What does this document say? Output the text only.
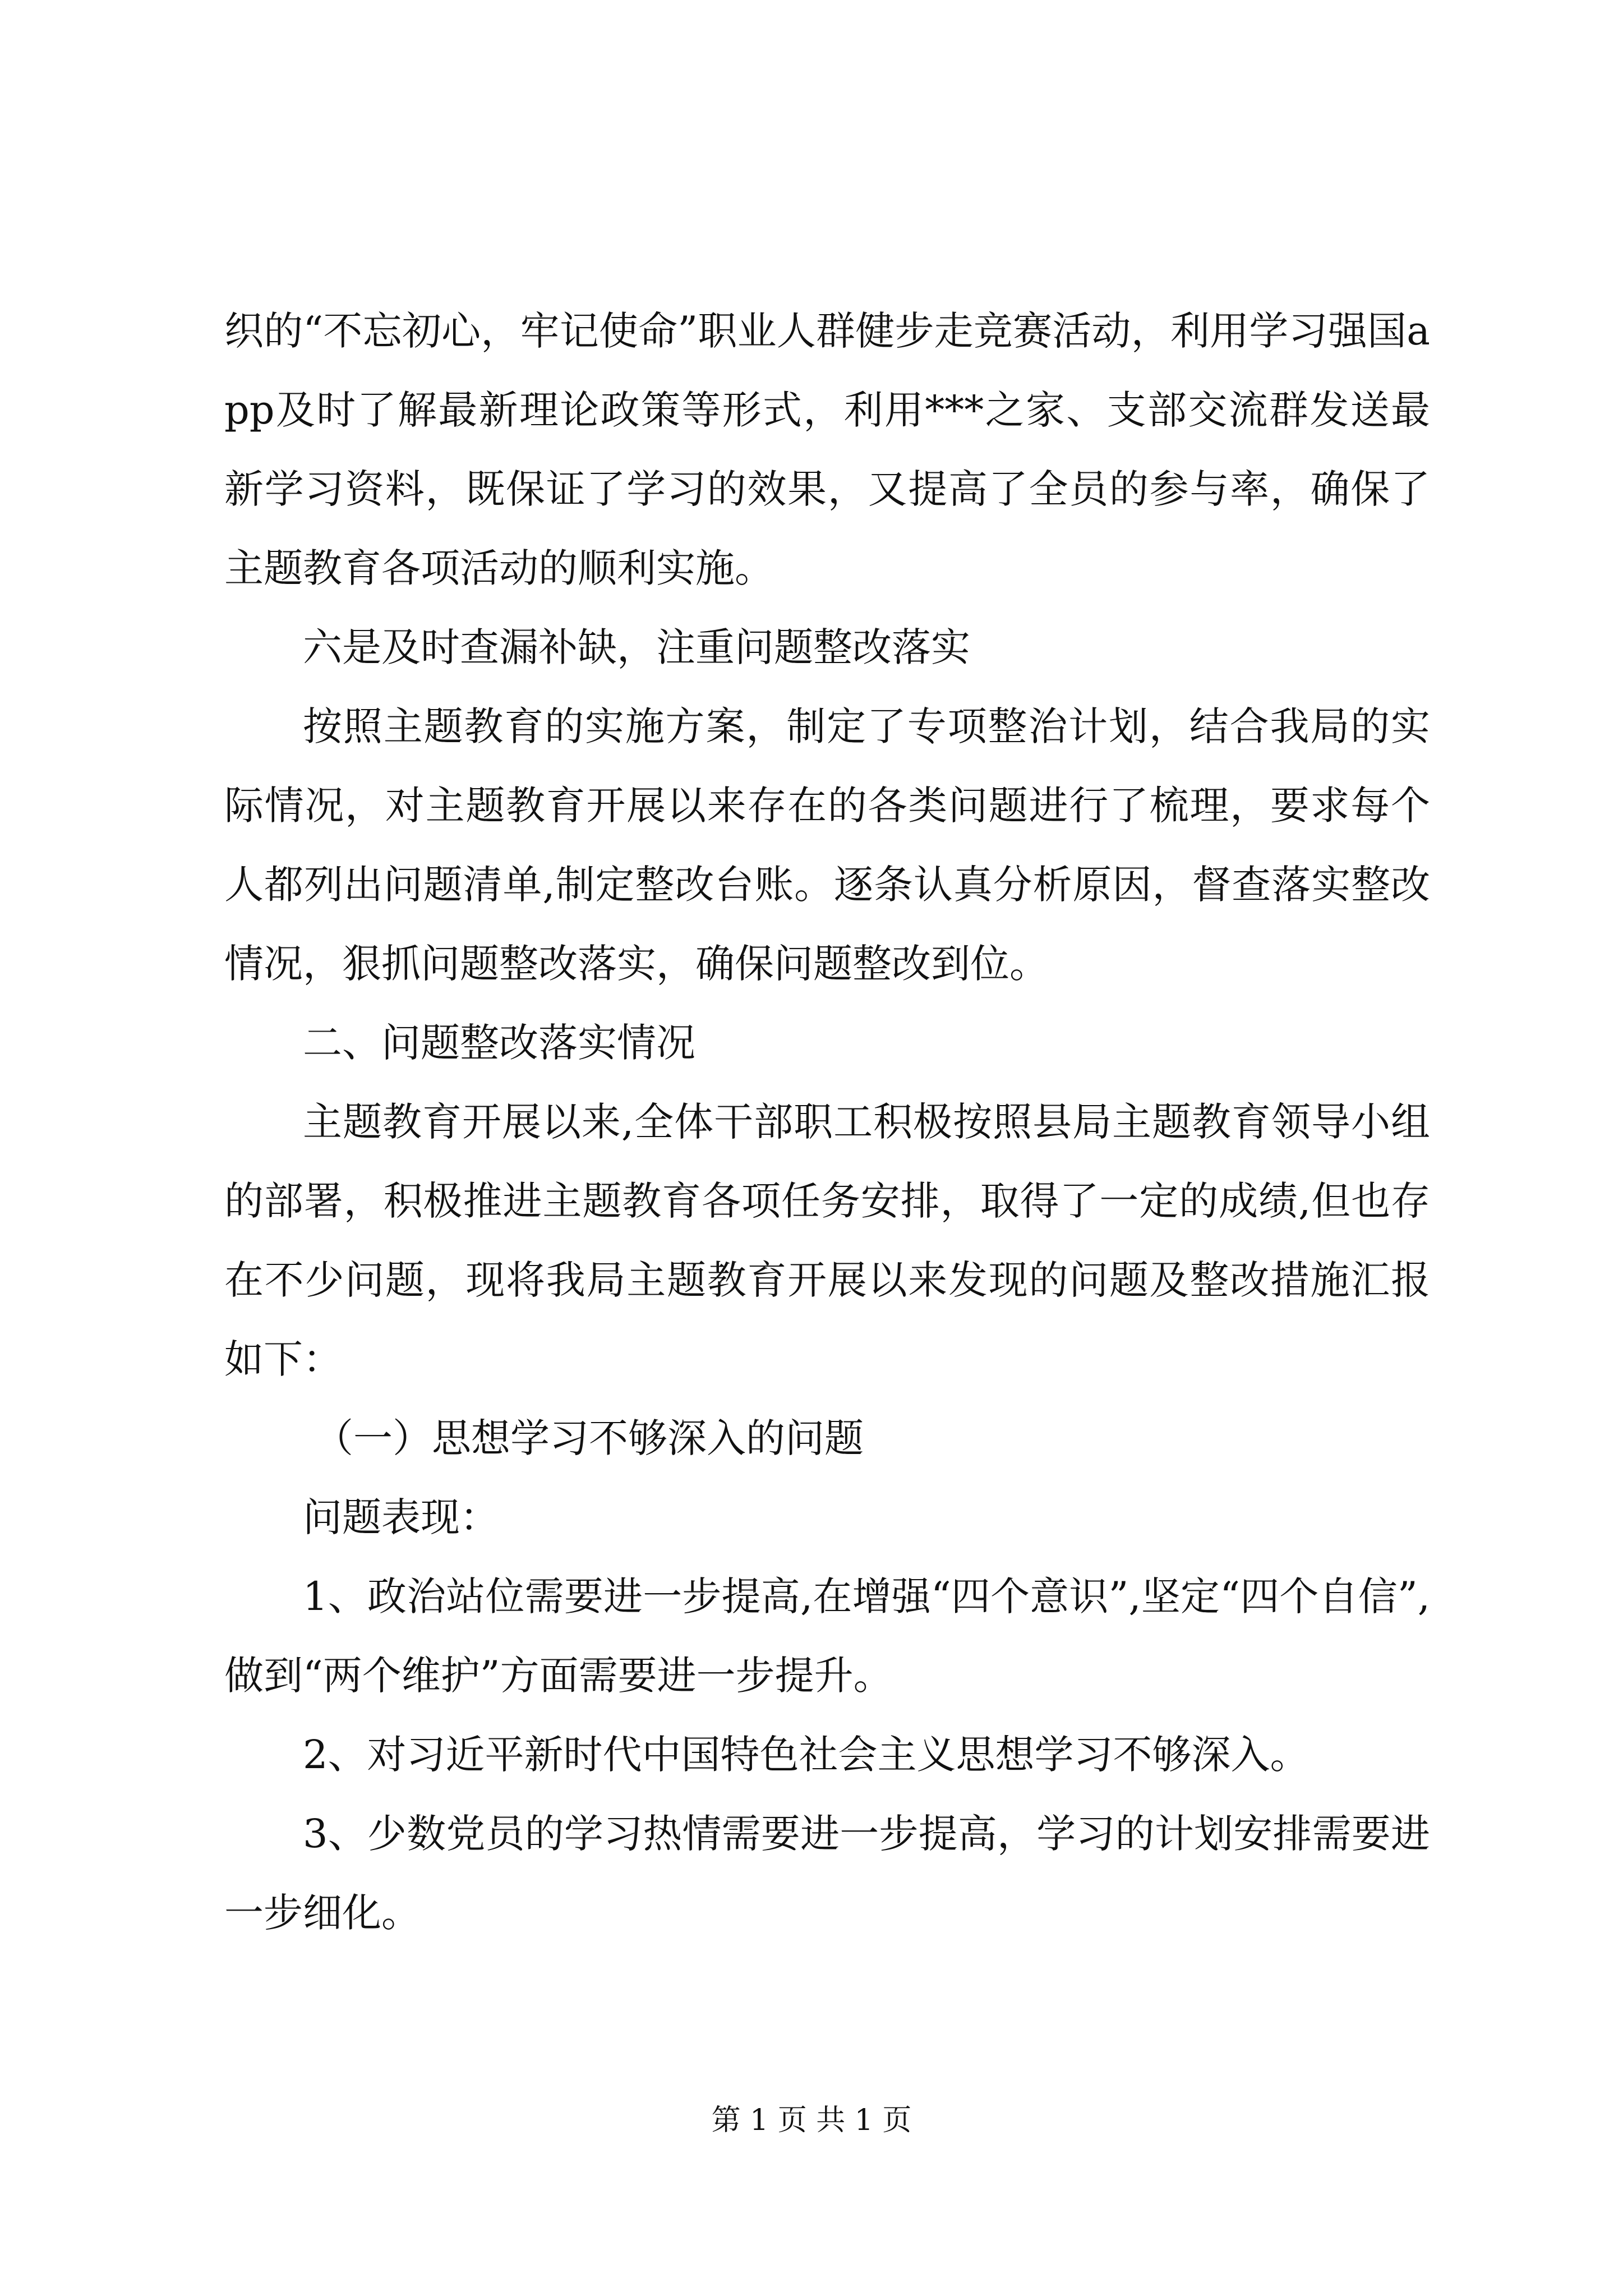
织的“不忘初心，牢记使命”职业人群健步走竞赛活动，利用学习强国app及时了解最新理论政策等形式，利用***之家、支部交流群发送最新学习资料，既保证了学习的效果，又提高了全员的参与率，确保了主题教育各项活动的顺利实施。

六是及时查漏补缺，注重问题整改落实

按照主题教育的实施方案，制定了专项整治计划，结合我局的实际情况，对主题教育开展以来存在的各类问题进行了梳理，要求每个人都列出问题清单,制定整改台账。逐条认真分析原因，督查落实整改情况，狠抓问题整改落实，确保问题整改到位。

二、问题整改落实情况

主题教育开展以来,全体干部职工积极按照县局主题教育领导小组的部署，积极推进主题教育各项任务安排，取得了一定的成绩,但也存在不少问题，现将我局主题教育开展以来发现的问题及整改措施汇报如下：

（一）思想学习不够深入的问题

问题表现：

1、政治站位需要进一步提高,在增强“四个意识”,坚定“四个自信”,做到“两个维护”方面需要进一步提升。

2、对习近平新时代中国特色社会主义思想学习不够深入。

3、少数党员的学习热情需要进一步提高，学习的计划安排需要进一步细化。

第 1 页 共 1 页
